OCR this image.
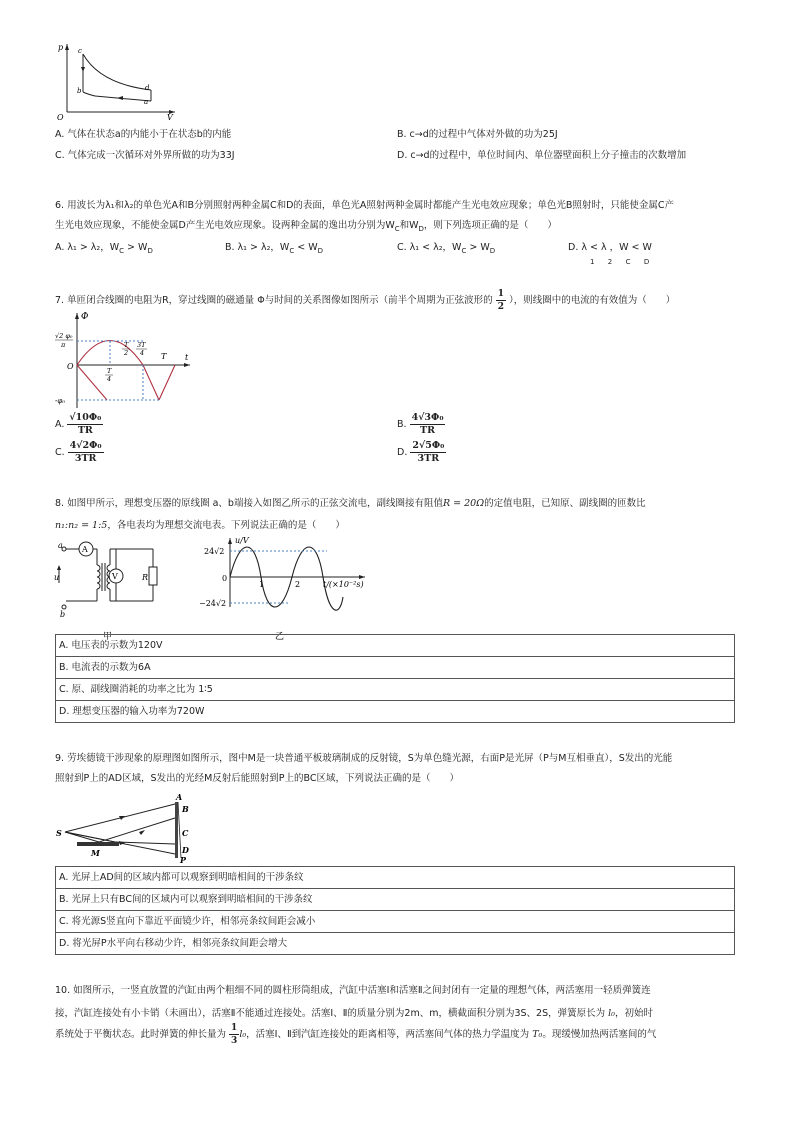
p
V
O
c
b	d
a
A. 气体在状态a的内能小于在状态b的内能	B. c→d的过程中气体对外做的功为25J
C. 气体完成一次循环对外界所做的功为33J	D. c→d的过程中，单位时间内、单位器壁面积上分子撞击的次数增加
6. 用波长为λ₁和λ₂的单色光A和B分别照射两种金属C和D的表面，单色光A照射两种金属时都能产生光电效应现象；单色光B照射时，只能使金属C产
生光电效应现象，不能使金属D产生光电效应现象。设两种金属的逸出功分别为$W_C$和$W_D$，则下列选项正确的是（　　）
A. λ₁ > λ₂，$W_C > W_D$	B. λ₁ > λ₂，$W_C < W_D$	C. λ₁ < λ₂，$W_C > W_D$	D. λ < λ ，W < W
1      2      C      D
7. 单匝闭合线圈的电阻为R，穿过线圈的磁通量 Φ与时间的关系图像如图所示（前半个周期为正弦波形的 $\frac{1}{2}$ ），则线圈中的电流的有效值为（　　）
Φ
√2 φ₀
π
O
-φ₀
t
T
T
4
T
2
3T
4
A. $\frac{\text{√10Φ₀}}{TR}$	B. $\frac{\text{4√3Φ₀}}{TR}$
C. $\frac{\text{4√2Φ₀}}{3TR}$	D. $\frac{\text{2√5Φ₀}}{3TR}$
8. 如图甲所示，理想变压器的原线圈 a、b端接入如图乙所示的正弦交流电，副线圈接有阻值R = 20Ω的定值电阻，已知原、副线圈的匝数比
n₁:n₂ = 1:5，各电表均为理想交流电表。下列说法正确的是（　　）
a
b
u
A
V	R
甲
u/V
24√2
0
−24√2
1	2	t/(×10⁻²s)
乙
A. 电压表的示数为120V
B. 电流表的示数为6A
C. 原、副线圈消耗的功率之比为 1∶5
D. 理想变压器的输入功率为720W
9. 劳埃德镜干涉现象的原理图如图所示，图中M是一块普通平板玻璃制成的反射镜，S为单色缝光源，右面P是光屏（P与M互相垂直），S发出的光能
照射到P上的AD区域，S发出的光经M反射后能照射到P上的BC区域，下列说法正确的是（　　）
S
M
A
B
C
D
P
A. 光屏上AD间的区域内都可以观察到明暗相间的干涉条纹
B. 光屏上只有BC间的区域内可以观察到明暗相间的干涉条纹
C. 将光源S竖直向下靠近平面镜少许，相邻亮条纹间距会减小
D. 将光屏P水平向右移动少许，相邻亮条纹间距会增大
10. 如图所示，一竖直放置的汽缸由两个粗细不同的圆柱形筒组成，汽缸中活塞Ⅰ和活塞Ⅱ之间封闭有一定量的理想气体，两活塞用一轻质弹簧连
接，汽缸连接处有小卡销（未画出），活塞Ⅱ不能通过连接处。活塞Ⅰ、Ⅱ的质量分别为2m、m，横截面积分别为3S、2S，弹簧原长为 l₀，初始时
系统处于平衡状态。此时弹簧的伸长量为 $\frac{1}{3} l_0$，活塞Ⅰ、Ⅱ到汽缸连接处的距离相等，两活塞间气体的热力学温度为 T₀。现缓慢加热两活塞间的气
